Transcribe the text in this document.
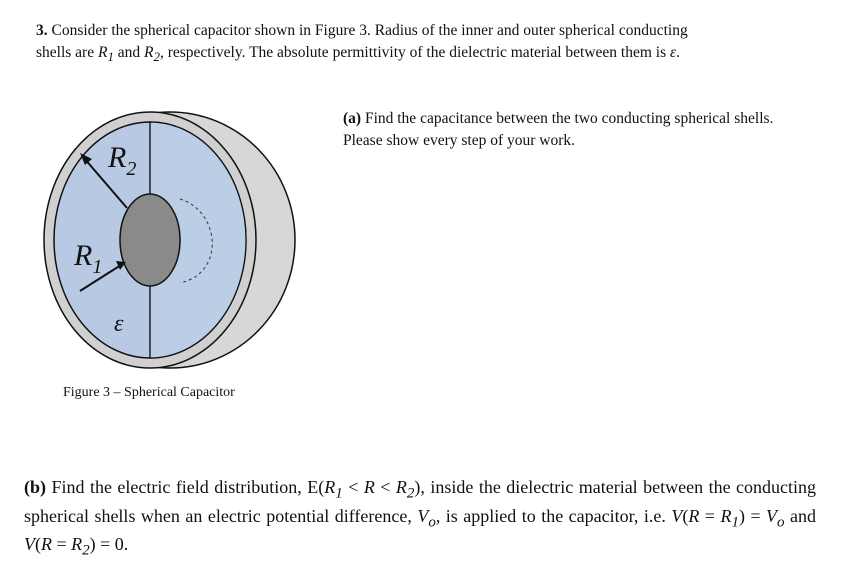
3. Consider the spherical capacitor shown in Figure 3. Radius of the inner and outer spherical conducting
shells are $R_1$ and $R_2$, respectively. The absolute permittivity of the dielectric material between them is ε.
(a) Find the capacitance between the two conducting spherical shells. Please show every step of your work.
$R_2$
$R_1$
ε
Figure 3 – Spherical Capacitor
(b) Find the electric field distribution, $E(R_1 < R < R_2)$, inside the dielectric material between the conducting spherical shells when an electric potential difference, $V_o$, is applied to the capacitor, i.e. $V(R = R_1) = V_o$ and $V(R = R_2) = 0$.
